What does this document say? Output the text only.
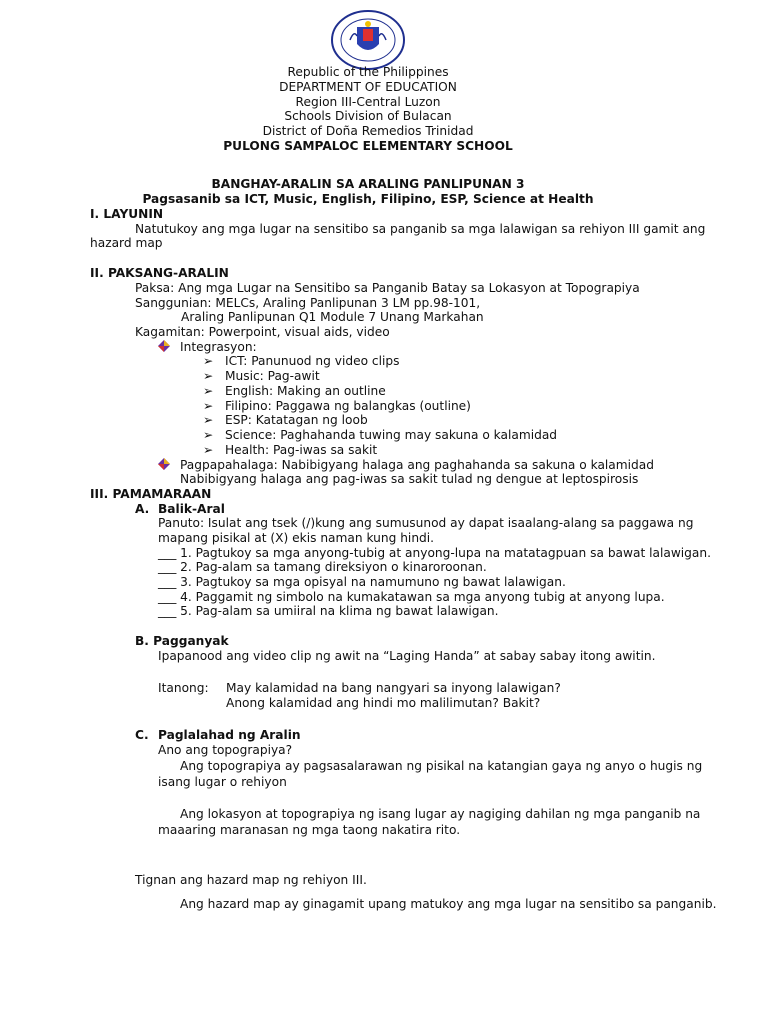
Republic of the Philippines
DEPARTMENT OF EDUCATION
Region III-Central Luzon
Schools Division of Bulacan
District of Doña Remedios Trinidad
PULONG SAMPALOC ELEMENTARY SCHOOL
BANGHAY-ARALIN SA ARALING PANLIPUNAN 3
Pagsasanib sa ICT, Music, English, Filipino, ESP, Science at Health
I. LAYUNIN
Natutukoy ang mga lugar na sensitibo sa panganib sa mga lalawigan sa rehiyon III gamit ang
hazard map
II. PAKSANG-ARALIN
Paksa: Ang mga Lugar na Sensitibo sa Panganib Batay sa Lokasyon at Topograpiya
Sanggunian: MELCs, Araling Panlipunan 3 LM pp.98-101,
Araling Panlipunan Q1 Module 7 Unang Markahan
Kagamitan: Powerpoint, visual aids, video
Integrasyon:
➢ ICT: Panunuod ng video clips
➢ Music: Pag-awit
➢ English: Making an outline
➢ Filipino: Paggawa ng balangkas (outline)
➢ ESP: Katatagan ng loob
➢ Science: Paghahanda tuwing may sakuna o kalamidad
➢ Health: Pag-iwas sa sakit
Pagpapahalaga: Nabibigyang halaga ang paghahanda sa sakuna o kalamidad
Nabibigyang halaga ang pag-iwas sa sakit tulad ng dengue at leptospirosis
III. PAMAMARAAN
A. Balik-Aral
Panuto: Isulat ang tsek (/)kung ang sumusunod ay dapat isaalang-alang sa paggawa ng
mapang pisikal at (X) ekis naman kung hindi.
___ 1. Pagtukoy sa mga anyong-tubig at anyong-lupa na matatagpuan sa bawat lalawigan.
___ 2. Pag-alam sa tamang direksiyon o kinaroroonan.
___ 3. Pagtukoy sa mga opisyal na namumuno ng bawat lalawigan.
___ 4. Paggamit ng simbolo na kumakatawan sa mga anyong tubig at anyong lupa.
___ 5. Pag-alam sa umiiral na klima ng bawat lalawigan.
B. Pagganyak
Ipapanood ang video clip ng awit na “Laging Handa” at sabay sabay itong awitin.
Itanong: May kalamidad na bang nangyari sa inyong lalawigan?
Anong kalamidad ang hindi mo malilimutan? Bakit?
C. Paglalahad ng Aralin
Ano ang topograpiya?
Ang topograpiya ay pagsasalarawan ng pisikal na katangian gaya ng anyo o hugis ng
isang lugar o rehiyon
Ang lokasyon at topograpiya ng isang lugar ay nagiging dahilan ng mga panganib na
maaaring maranasan ng mga taong nakatira rito.
Tignan ang hazard map ng rehiyon III.
Ang hazard map ay ginagamit upang matukoy ang mga lugar na sensitibo sa panganib.
